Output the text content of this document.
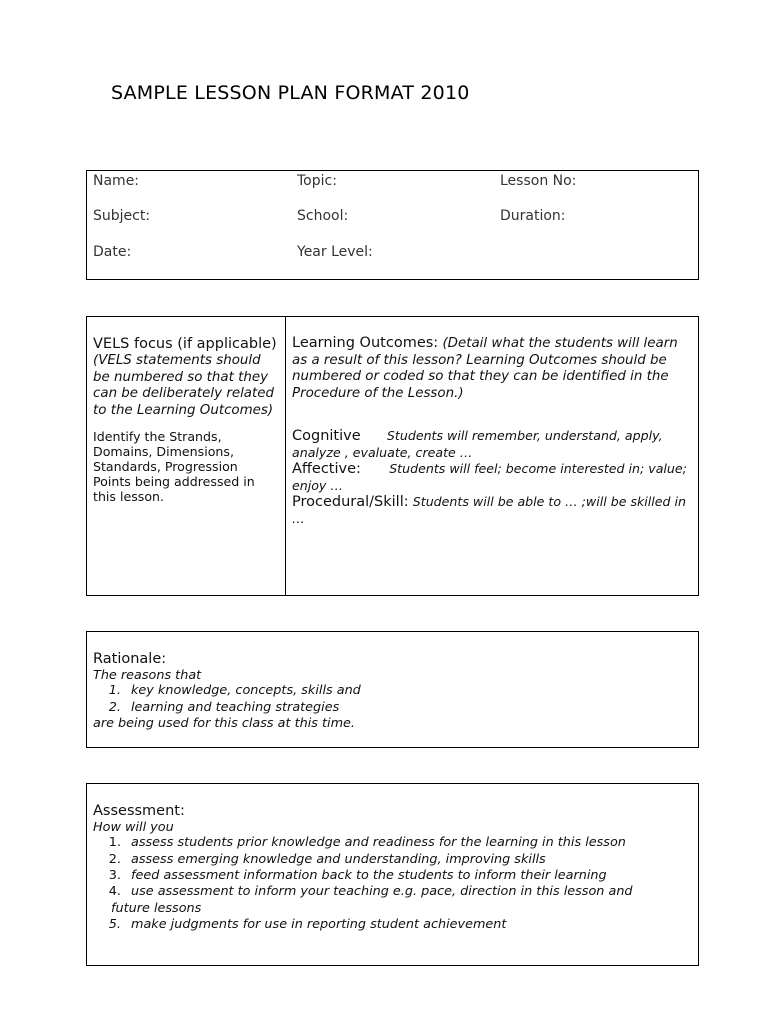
SAMPLE LESSON PLAN FORMAT 2010
Name:	Topic:	Lesson No:
Subject:	School:	Duration:
Date:	Year Level:
VELS focus (if applicable)
(VELS statements should be numbered so that they can be deliberately related to the Learning Outcomes)
Identify the Strands, Domains, Dimensions, Standards, Progression Points being addressed in this lesson.
Learning Outcomes: (Detail what the students will learn as a result of this lesson? Learning Outcomes should be numbered or coded so that they can be identified in the Procedure of the Lesson.)
Cognitive Students will remember, understand, apply, analyze , evaluate, create …
Affective: Students will feel; become interested in; value; enjoy …
Procedural/Skill: Students will be able to … ;will be skilled in …
Rationale:
The reasons that
1. key knowledge, concepts, skills and
2. learning and teaching strategies
are being used for this class at this time.
Assessment:
How will you
1. assess students prior knowledge and readiness for the learning in this lesson
2. assess emerging knowledge and understanding, improving skills
3. feed assessment information back to the students to inform their learning
4. use assessment to inform your teaching e.g. pace, direction in this lesson and
future lessons
5. make judgments for use in reporting student achievement
